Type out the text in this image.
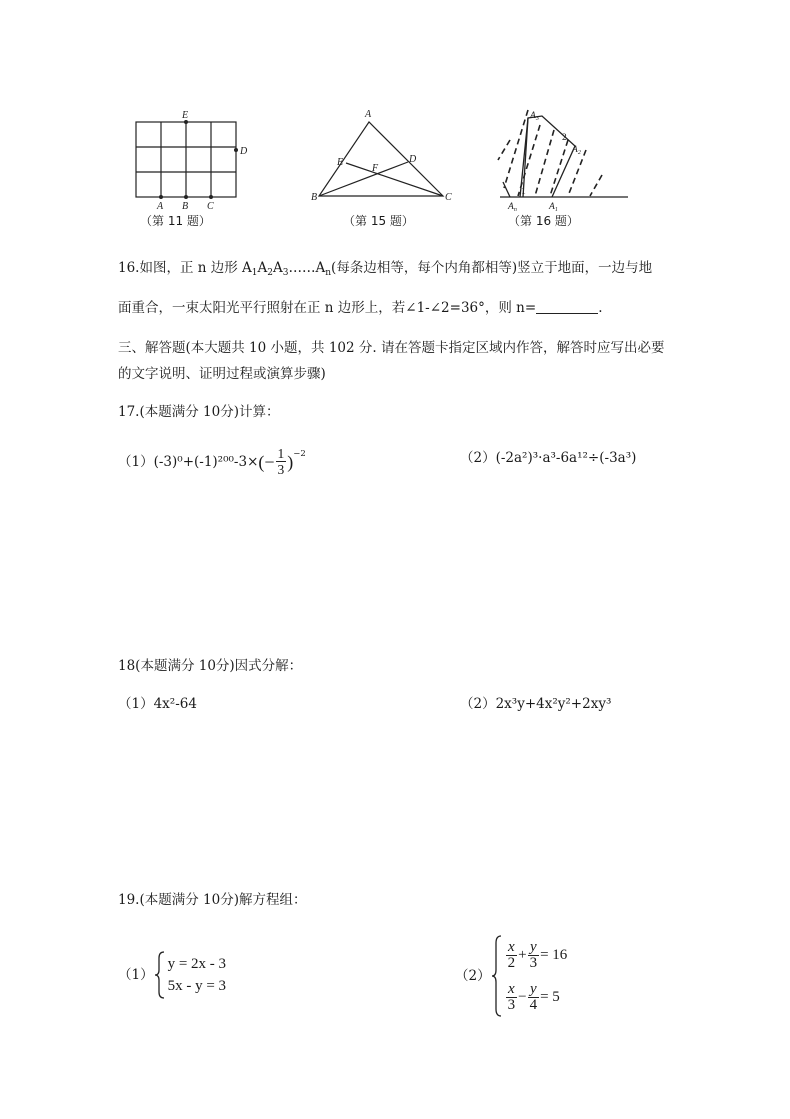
E
D
A B C
（第 11 题）
A
E
F
D
B	C
（第 15 题）
$A_3$
2
$A_2$
1
$A_n$	$A_1$
（第 16 题）
16.如图，正 n 边形 $A_1A_2A_3\dots\dots A_n$(每条边相等，每个内角都相等)竖立于地面，一边与地
面重合，一束太阳光平行照射在正 n 边形上，若∠1-∠2=36°，则 n=	.
三、解答题(本大题共 10 小题，共 102 分. 请在答题卡指定区域内作答，解答时应写出必要
的文字说明、证明过程或演算步骤)
17.(本题满分 10分)计算：
（1） (-3)⁰+(-1)²⁰⁰-3× (− $\frac{1}{3}$ ) −2	（2）(-2a²)³·a³-6a¹²÷(-3a³)
18(本题满分 10分)因式分解：
（1）4x²-64	（2）2x³y+4x²y²+2xy³
19.(本题满分 10分)解方程组：
（1）
y = 2x - 3
5x - y = 3
（2）
$\frac{x}{2} + \frac{y}{3} = 16$
$\frac{x}{3} - \frac{y}{4} = 5$
